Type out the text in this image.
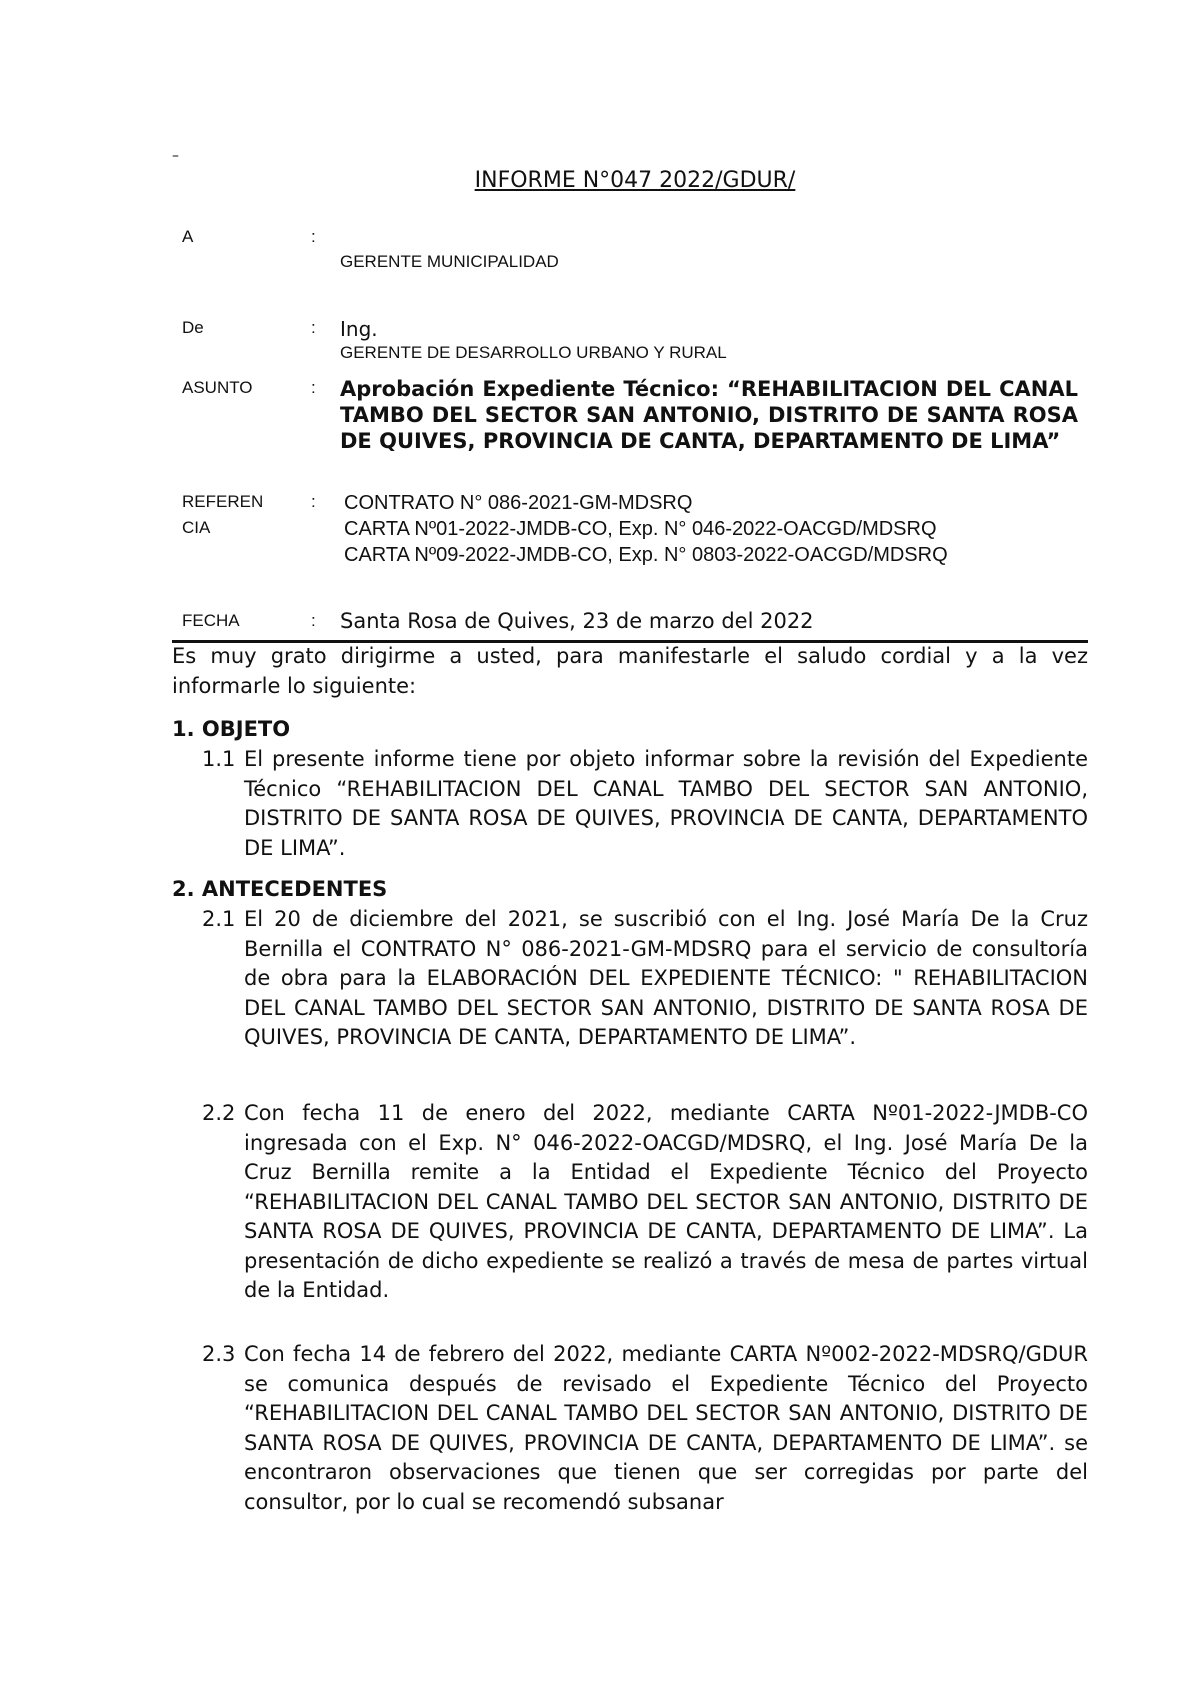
–
INFORME N°047 2022/GDUR/
A	:
GERENTE MUNICIPALIDAD
De	: Ing.
GERENTE DE DESARROLLO URBANO Y RURAL
ASUNTO	: Aprobación Expediente Técnico: “REHABILITACION DEL CANAL TAMBO DEL SECTOR SAN ANTONIO, DISTRITO DE SANTA ROSA DE QUIVES, PROVINCIA DE CANTA, DEPARTAMENTO DE LIMA”
REFEREN
CIA
: CONTRATO N° 086-2021-GM-MDSRQ
CARTA Nº01-2022-JMDB-CO, Exp. N° 046-2022-OACGD/MDSRQ
CARTA Nº09-2022-JMDB-CO, Exp. N° 0803-2022-OACGD/MDSRQ
FECHA	: Santa Rosa de Quives, 23 de marzo del 2022
Es muy grato dirigirme a usted, para manifestarle el saludo cordial y a la vez informarle lo siguiente:
1. OBJETO
1.1 El presente informe tiene por objeto informar sobre la revisión del Expediente Técnico “REHABILITACION DEL CANAL TAMBO DEL SECTOR SAN ANTONIO, DISTRITO DE SANTA ROSA DE QUIVES, PROVINCIA DE CANTA, DEPARTAMENTO DE LIMA”.
2. ANTECEDENTES
2.1 El 20 de diciembre del 2021, se suscribió con el Ing. José María De la Cruz Bernilla el CONTRATO N° 086-2021-GM-MDSRQ para el servicio de consultoría de obra para la ELABORACIÓN DEL EXPEDIENTE TÉCNICO: " REHABILITACION DEL CANAL TAMBO DEL SECTOR SAN ANTONIO, DISTRITO DE SANTA ROSA DE QUIVES, PROVINCIA DE CANTA, DEPARTAMENTO DE LIMA”.
2.2 Con fecha 11 de enero del 2022, mediante CARTA Nº01-2022-JMDB-CO ingresada con el Exp. N° 046-2022-OACGD/MDSRQ, el Ing. José María De la Cruz Bernilla remite a la Entidad el Expediente Técnico del Proyecto “REHABILITACION DEL CANAL TAMBO DEL SECTOR SAN ANTONIO, DISTRITO DE SANTA ROSA DE QUIVES, PROVINCIA DE CANTA, DEPARTAMENTO DE LIMA”. La presentación de dicho expediente se realizó a través de mesa de partes virtual de la Entidad.
2.3 Con fecha 14 de febrero del 2022, mediante CARTA Nº002-2022-MDSRQ/GDUR se comunica después de revisado el Expediente Técnico del Proyecto “REHABILITACION DEL CANAL TAMBO DEL SECTOR SAN ANTONIO, DISTRITO DE SANTA ROSA DE QUIVES, PROVINCIA DE CANTA, DEPARTAMENTO DE LIMA”. se encontraron observaciones que tienen que ser corregidas por parte del consultor, por lo cual se recomendó subsanar
